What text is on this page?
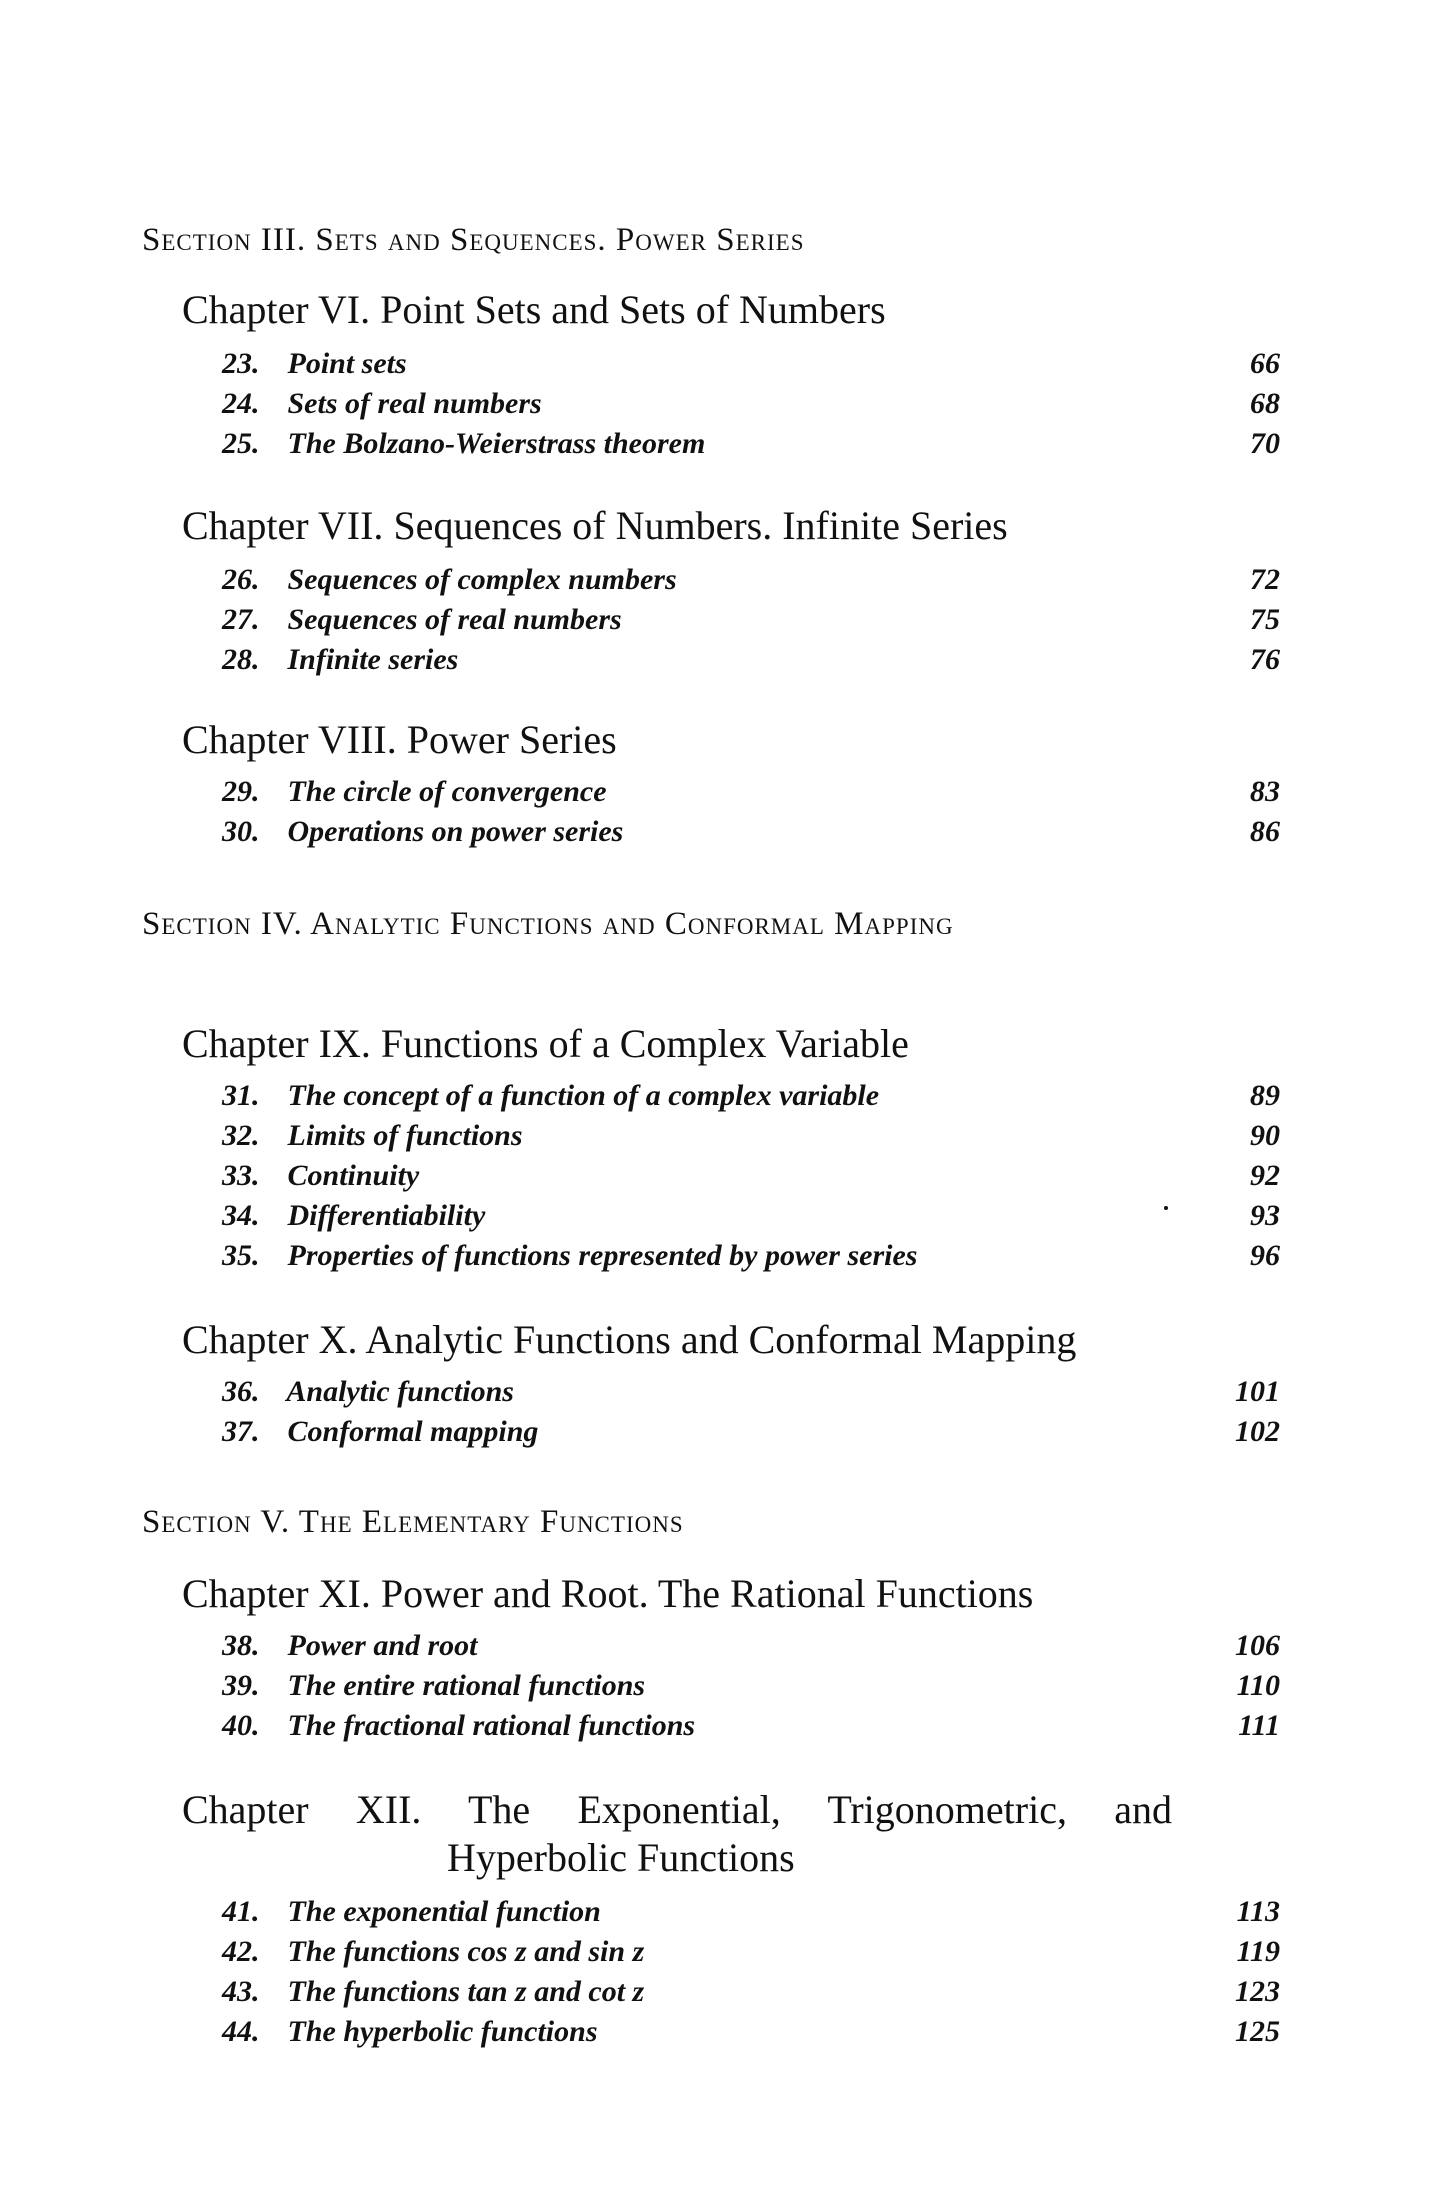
Section III. Sets and Sequences. Power Series
Chapter VI. Point Sets and Sets of Numbers
23. Point sets	66
24. Sets of real numbers	68
25. The Bolzano-Weierstrass theorem	70
Chapter VII. Sequences of Numbers. Infinite Series
26. Sequences of complex numbers	72
27. Sequences of real numbers	75
28. Infinite series	76
Chapter VIII. Power Series
29. The circle of convergence	83
30. Operations on power series	86
Section IV. Analytic Functions and Conformal Mapping
Chapter IX. Functions of a Complex Variable
31. The concept of a function of a complex variable	89
32. Limits of functions	90
33. Continuity	92
34. Differentiability	93
35. Properties of functions represented by power series	96
Chapter X. Analytic Functions and Conformal Mapping
36. Analytic functions	101
37. Conformal mapping	102
Section V. The Elementary Functions
Chapter XI. Power and Root. The Rational Functions
38. Power and root	106
39. The entire rational functions	110
40. The fractional rational functions	111
Chapter XII. The Exponential, Trigonometric, and
Hyperbolic Functions
41. The exponential function	113
42. The functions cos z and sin z	119
43. The functions tan z and cot z	123
44. The hyperbolic functions	125
